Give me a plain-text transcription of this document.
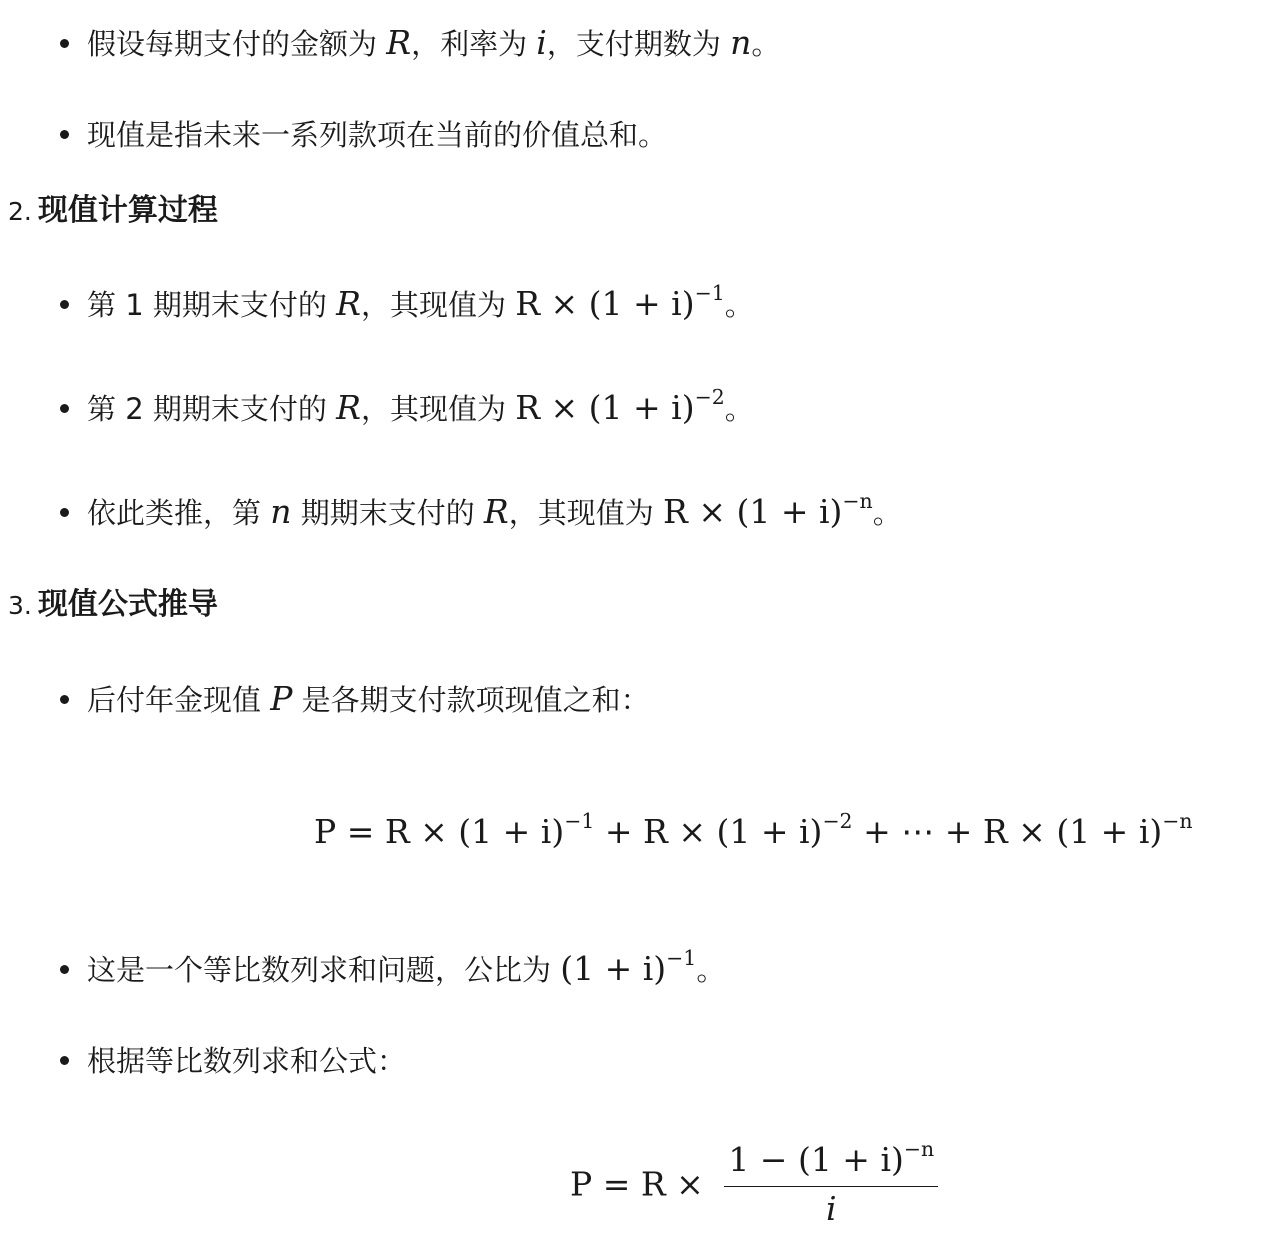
假设每期支付的金额为 R，利率为 i，支付期数为 n。
现值是指未来一系列款项在当前的价值总和。
2. 现值计算过程
第 1 期期末支付的 R，其现值为 $R \times (1 + i)^{-1}$。
第 2 期期末支付的 R，其现值为 $R \times (1 + i)^{-2}$。
依此类推，第 n 期期末支付的 R，其现值为 $R \times (1 + i)^{-n}$。
3. 现值公式推导
后付年金现值 P 是各期支付款项现值之和：
$P = R \times (1 + i)^{-1} + R \times (1 + i)^{-2}$ + ⋯ + $R \times (1 + i)^{-n}$
这是一个等比数列求和问题，公比为 $(1 + i)^{-1}$。
根据等比数列求和公式：
$P = R \times \frac{1 - (1 + i)^{-n}}{i}$
